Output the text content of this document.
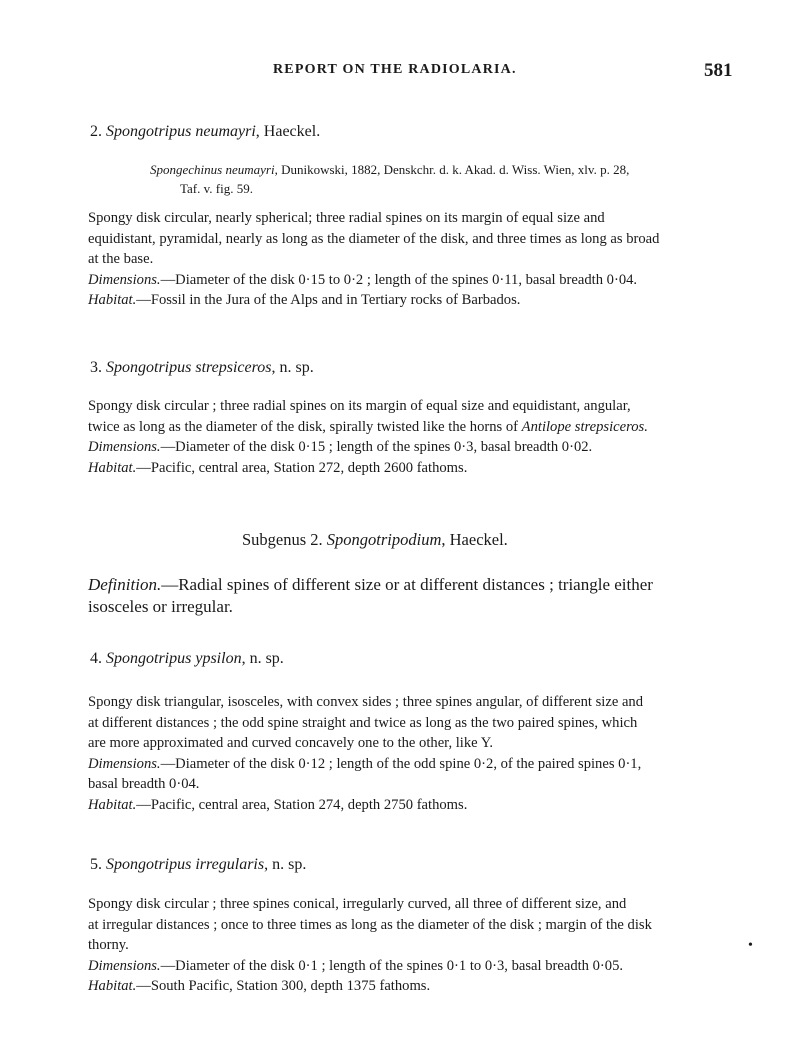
REPORT ON THE RADIOLARIA.	581
2. Spongotripus neumayri, Haeckel.
Spongechinus neumayri, Dunikowski, 1882, Denskchr. d. k. Akad. d. Wiss. Wien, xlv. p. 28,
Taf. v. fig. 59.

Spongy disk circular, nearly spherical; three radial spines on its margin of equal size and
equidistant, pyramidal, nearly as long as the diameter of the disk, and three times as long as broad
at the base.
Dimensions.—Diameter of the disk 0·15 to 0·2 ; length of the spines 0·11, basal breadth 0·04.
Habitat.—Fossil in the Jura of the Alps and in Tertiary rocks of Barbados.

3. Spongotripus strepsiceros, n. sp.

Spongy disk circular ; three radial spines on its margin of equal size and equidistant, angular,
twice as long as the diameter of the disk, spirally twisted like the horns of Antilope strepsiceros.
Dimensions.—Diameter of the disk 0·15 ; length of the spines 0·3, basal breadth 0·02.
Habitat.—Pacific, central area, Station 272, depth 2600 fathoms.

Subgenus 2. Spongotripodium, Haeckel.
Definition.—Radial spines of different size or at different distances ; triangle either
isosceles or irregular.
4. Spongotripus ypsilon, n. sp.

Spongy disk triangular, isosceles, with convex sides ; three spines angular, of different size and
at different distances ; the odd spine straight and twice as long as the two paired spines, which
are more approximated and curved concavely one to the other, like Y.
Dimensions.—Diameter of the disk 0·12 ; length of the odd spine 0·2, of the paired spines 0·1,
basal breadth 0·04.
Habitat.—Pacific, central area, Station 274, depth 2750 fathoms.

5. Spongotripus irregularis, n. sp.

Spongy disk circular ; three spines conical, irregularly curved, all three of different size, and
at irregular distances ; once to three times as long as the diameter of the disk ; margin of the disk
thorny.
Dimensions.—Diameter of the disk 0·1 ; length of the spines 0·1 to 0·3, basal breadth 0·05.
Habitat.—South Pacific, Station 300, depth 1375 fathoms.

•
